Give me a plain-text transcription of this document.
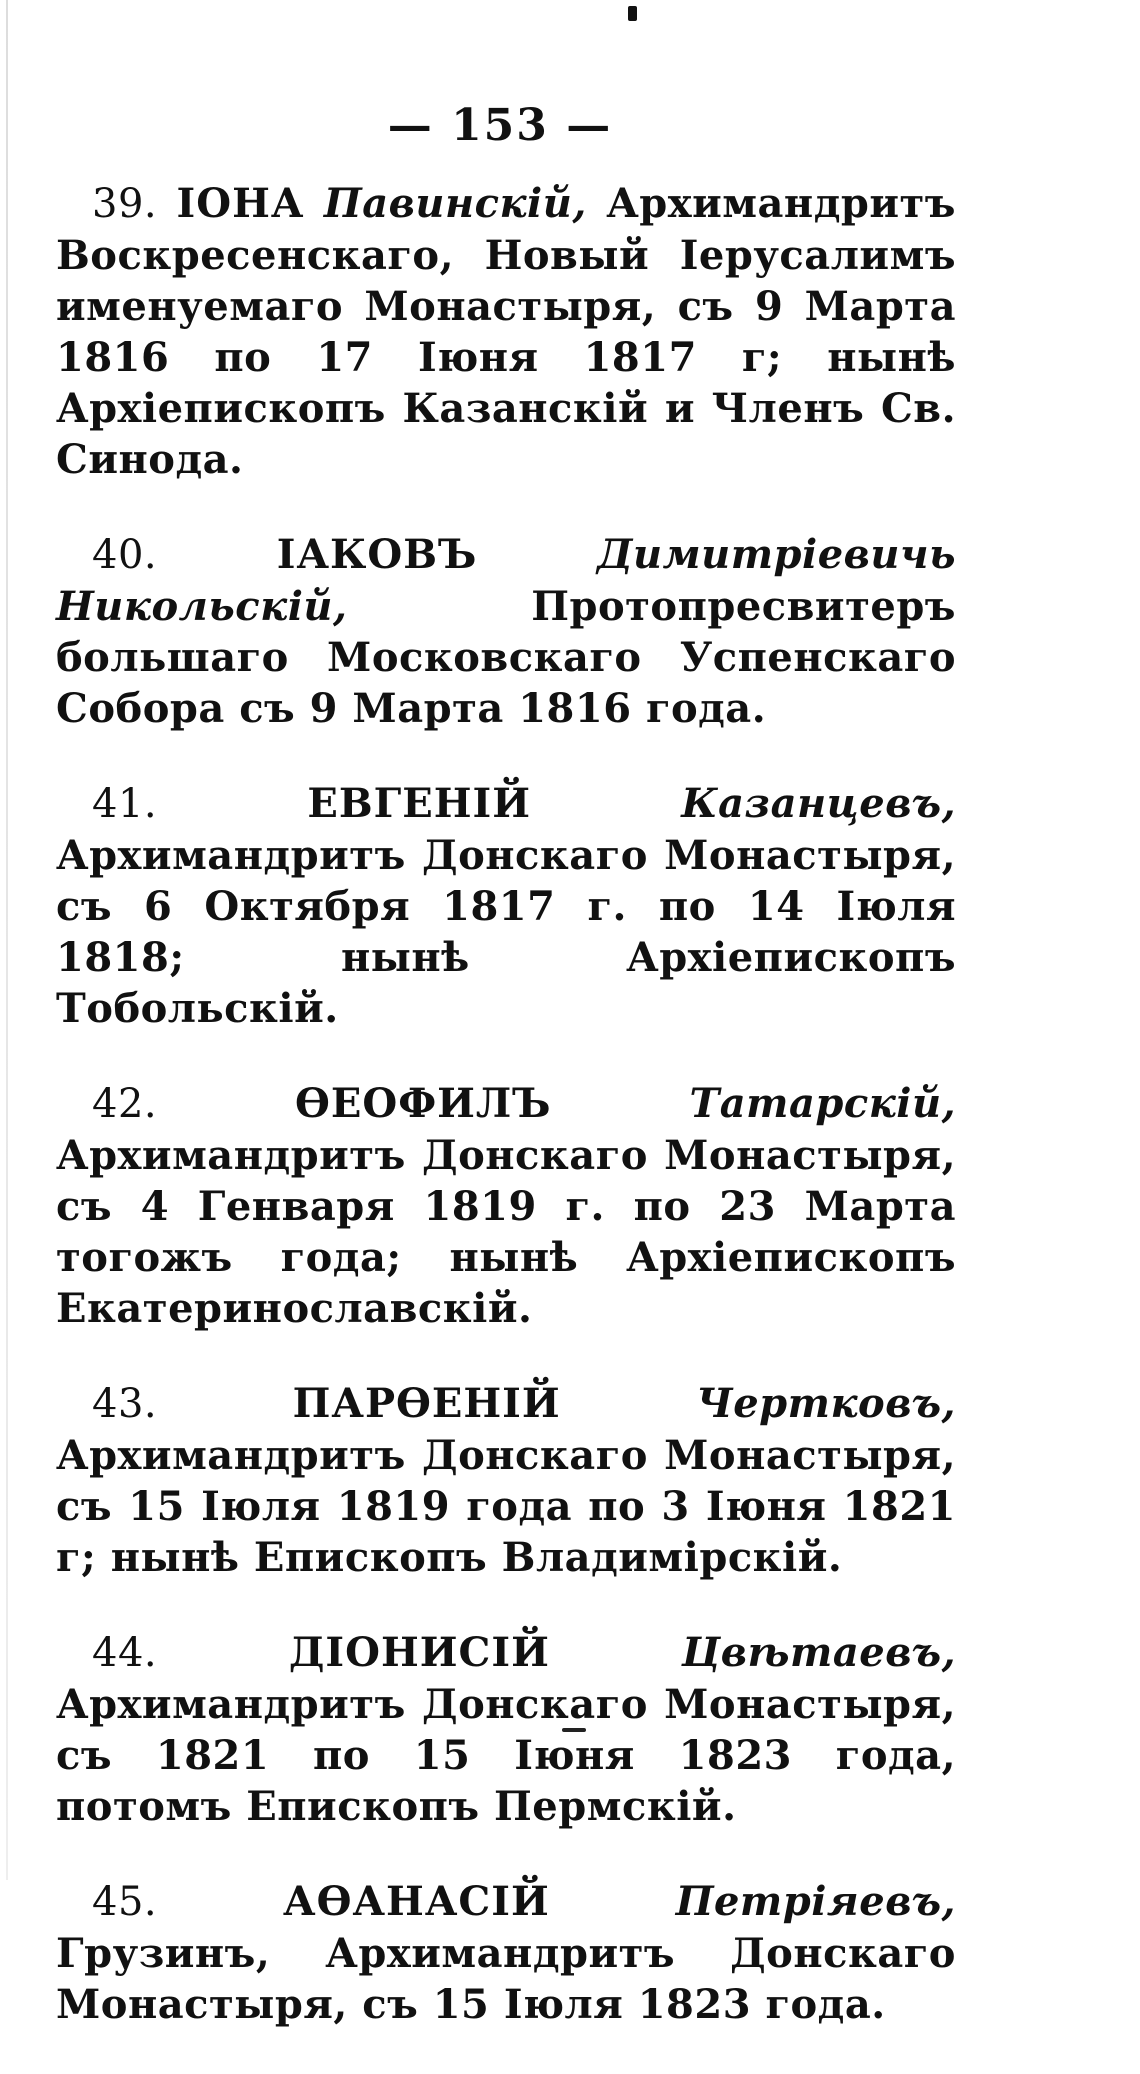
— 153 —

39. ІОНА Павинскій, Архимандритъ Воскресенскаго, Новый Іерусалимъ именуемаго Монастыря, съ 9 Марта 1816 по 17 Іюня 1817 г; нынѣ Архіепископъ Казанскій и Членъ Св. Синода.

40.	ІАКОВЪ	Димитріевичь Никольскій,	Протопресвитеръ большаго Московскаго Успенскаго Собора съ 9 Марта 1816 года.

41.	ЕВГЕНІЙ	Казанцевъ, Архимандритъ Донскаго Монастыря, съ 6 Октября 1817 г. по 14 Іюля 1818; нынѣ Архіепископъ Тобольскій.

42.	ѲЕОФИЛЪ	Татарскій, Архимандритъ Донскаго Монастыря, съ 4 Генваря 1819 г. по 23 Марта тогожъ года; нынѣ Архіепископъ Екатеринославскій.

43.	ПАРѲЕНІЙ	Чертковъ, Архимандритъ Донскаго Монастыря, съ 15 Іюля 1819 года по 3 Іюня 1821 г; нынѣ Епископъ Владимірскій.

44.	ДІОНИСІЙ	Цвѣтаевъ, Архимандритъ Донскаго Монастыря, съ 1821 по 15 Іюня 1823 года, потомъ Епископъ Пермскій.

45.	АѲАНАСІЙ	Петріяевъ, Грузинъ, Архимандритъ Донскаго Монастыря, съ 15 Іюля 1823 года.
